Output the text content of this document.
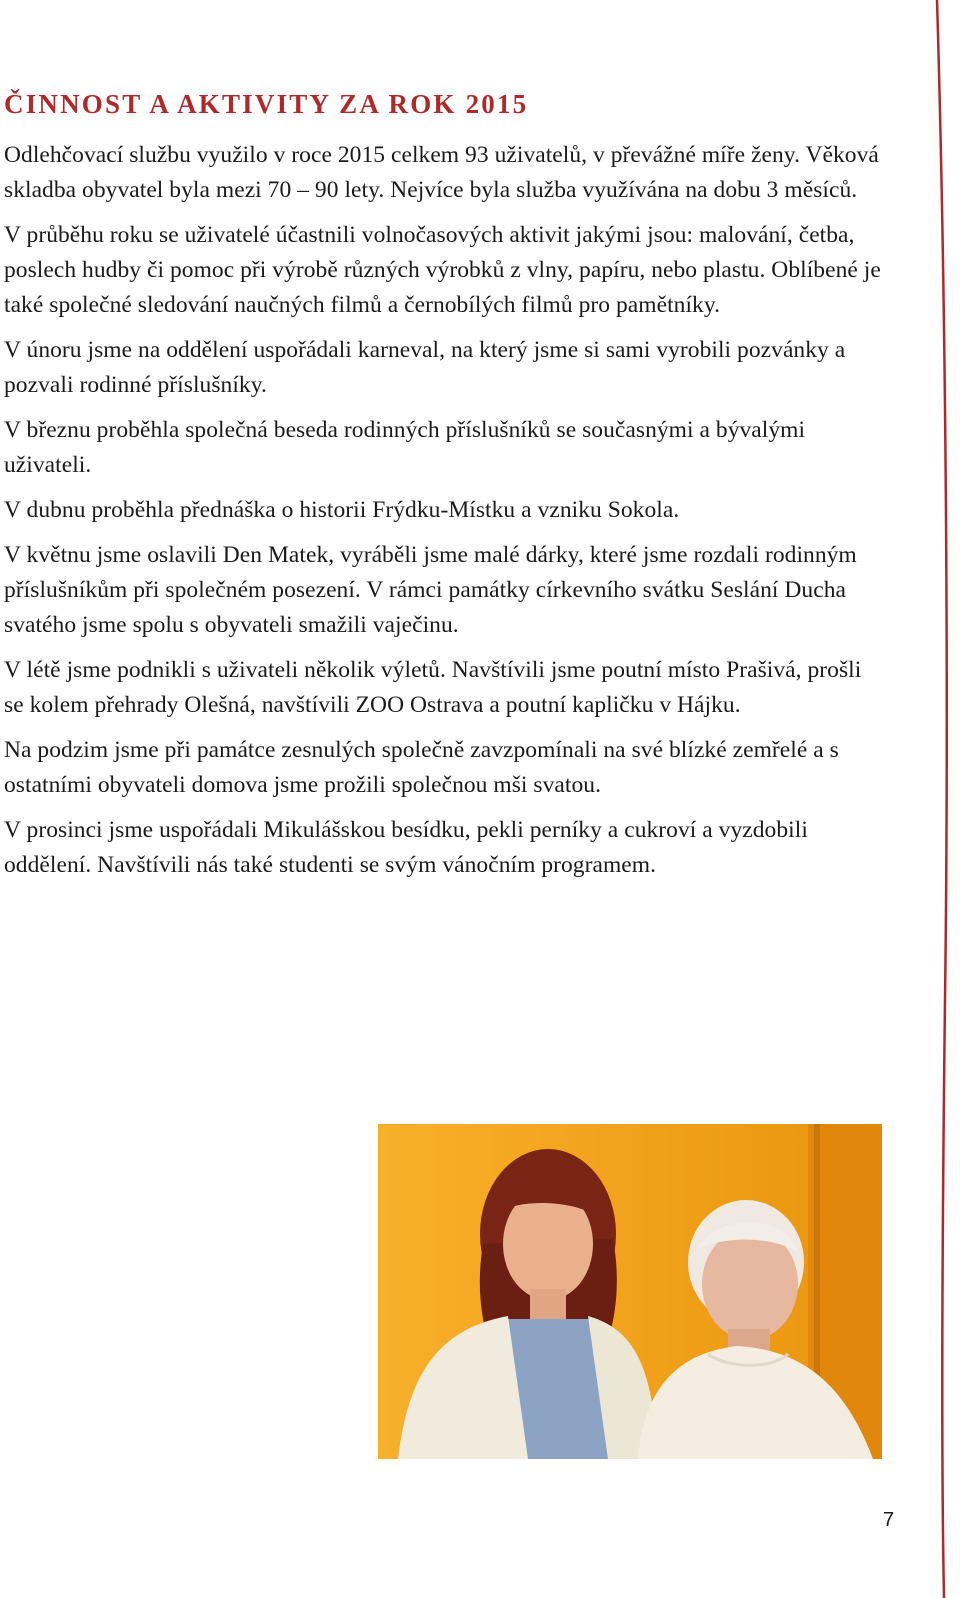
ČINNOST A AKTIVITY ZA ROK 2015

Odlehčovací službu využilo v roce 2015 celkem 93 uživatelů, v převážné míře ženy. Věková skladba obyvatel byla mezi 70 – 90 lety. Nejvíce byla služba využívána na dobu 3 měsíců.

V průběhu roku se uživatelé účastnili volnočasových aktivit jakými jsou: malování, četba, poslech hudby či pomoc při výrobě různých výrobků z vlny, papíru, nebo plastu. Oblíbené je také společné sledování naučných filmů a černobílých filmů pro pamětníky.

V únoru jsme na oddělení uspořádali karneval, na který jsme si sami vyrobili pozvánky a pozvali rodinné příslušníky.

V březnu proběhla společná beseda rodinných příslušníků se současnými a bývalými uživateli.

V dubnu proběhla přednáška o historii Frýdku-Místku a vzniku Sokola.

V květnu jsme oslavili Den Matek, vyráběli jsme malé dárky, které jsme rozdali rodinným příslušníkům při společném posezení. V rámci památky církevního svátku Seslání Ducha svatého jsme spolu s obyvateli smažili vaječinu.

V létě jsme podnikli s uživateli několik výletů. Navštívili jsme poutní místo Prašivá, prošli se kolem přehrady Olešná, navštívili ZOO Ostrava a poutní kapličku v Hájku.

Na podzim jsme při památce zesnulých společně zavzpomínali na své blízké zemřelé a s ostatními obyvateli domova jsme prožili společnou mši svatou.

V prosinci jsme uspořádali Mikulášskou besídku, pekli perníky a cukroví a vyzdobili oddělení. Navštívili nás také studenti se svým vánočním programem.

7
